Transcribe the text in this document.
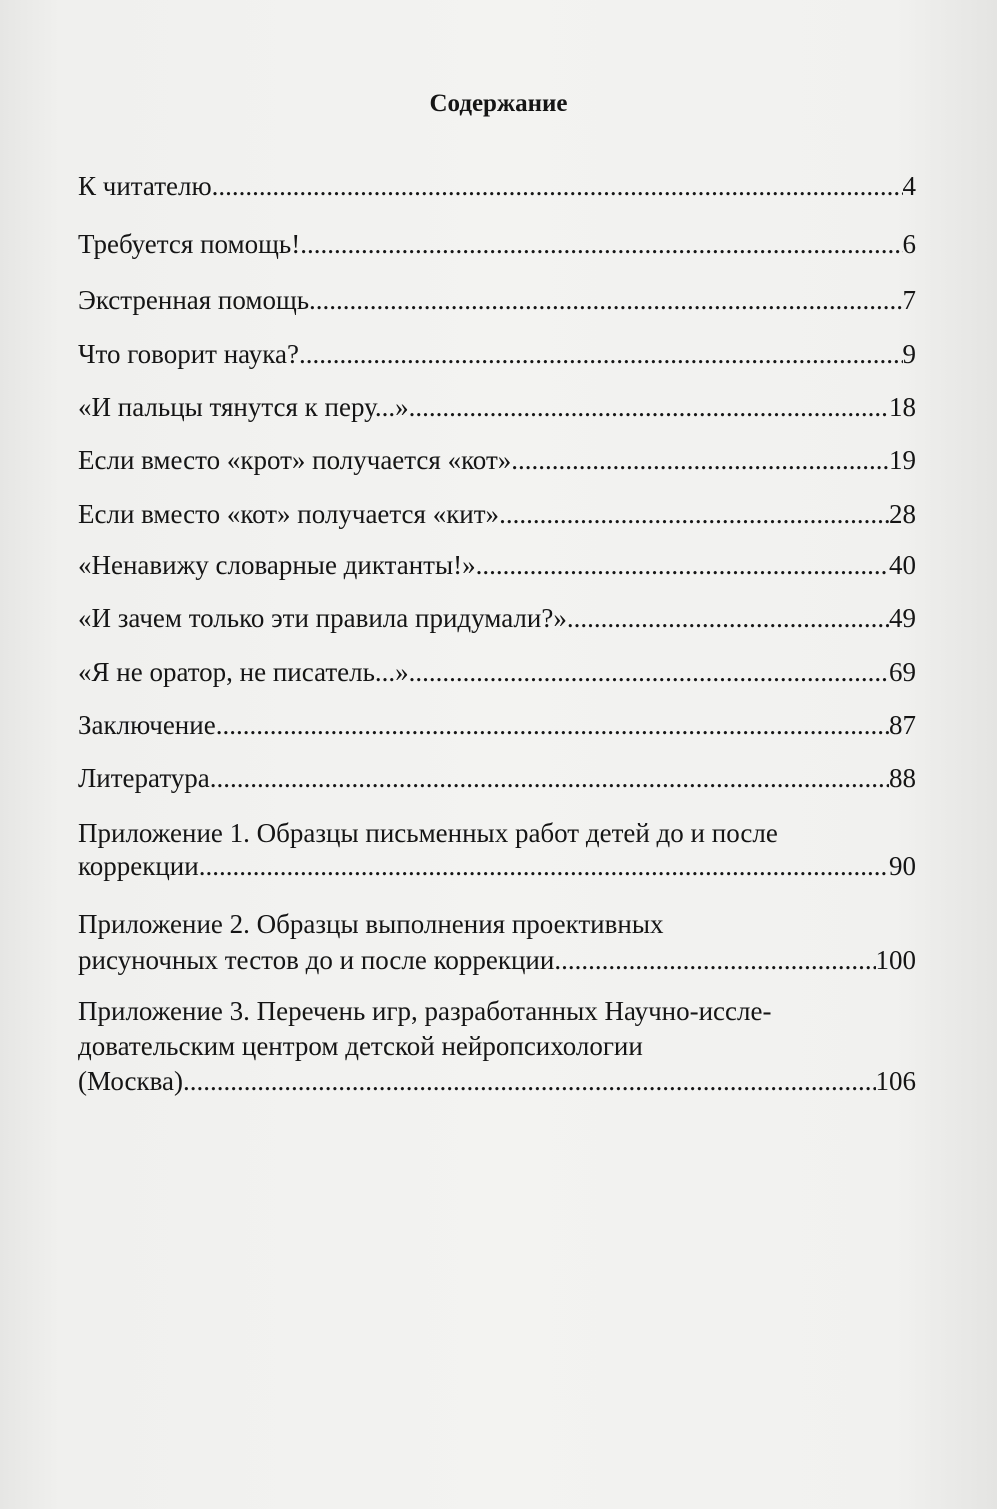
Содержание
К читателю .....	4
Требуется помощь! .....	6
Экстренная помощь .....	7
Что говорит наука? .....	9
«И пальцы тянутся к перу...» .....	18
Если вместо «крот» получается «кот» .....	19
Если вместо «кот» получается «кит» .....	28
«Ненавижу словарные диктанты!» .....	40
«И зачем только эти правила придумали?» .....	49
«Я не оратор, не писатель...» .....	69
Заключение .....	87
Литература .....	88
Приложение 1. Образцы письменных работ детей до и после
коррекции .....	90
Приложение 2. Образцы выполнения проективных
рисуночных тестов до и после коррекции .....	100
Приложение 3. Перечень игр, разработанных Научно-иссле-
довательским центром детской нейропсихологии
(Москва) .....	106
